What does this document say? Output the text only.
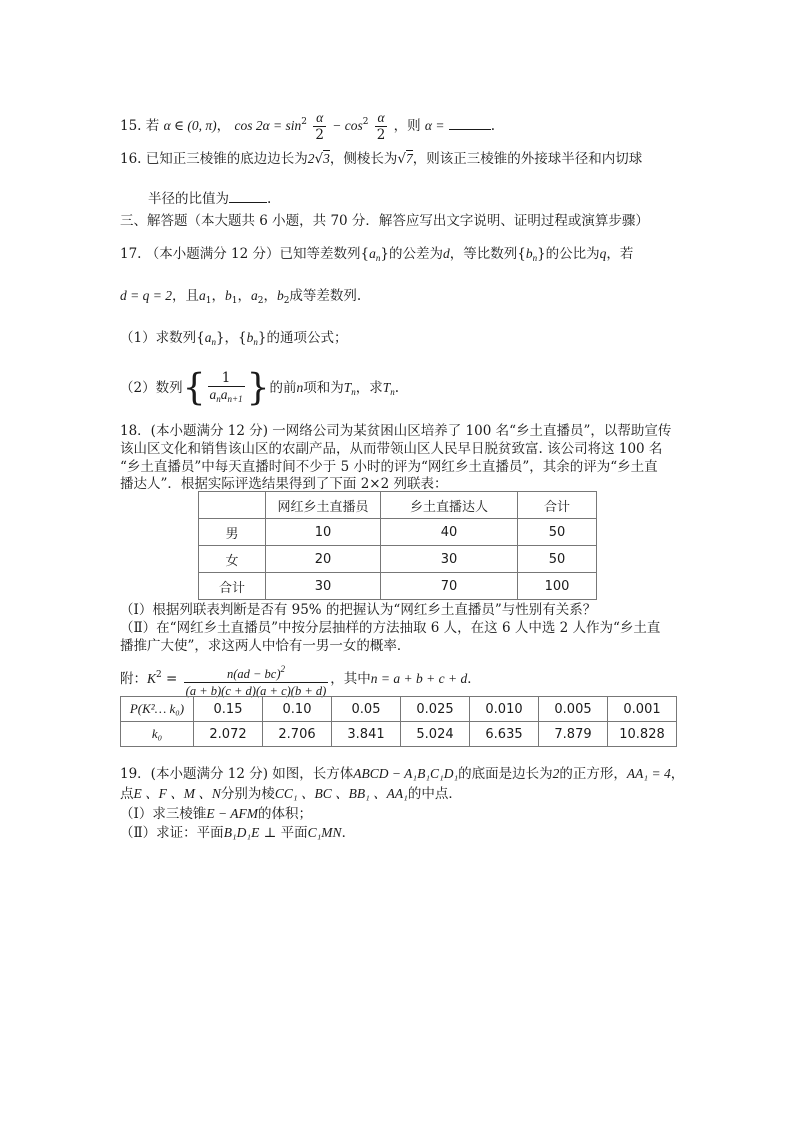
15. 若 α ∈ (0, π)， $\cos 2\alpha = \sin^2 \frac{\alpha}{2} - \cos^2 \frac{\alpha}{2}$ ，则 α =	.
16. 已知正三棱锥的底边边长为2√3，侧棱长为√7，则该正三棱锥的外接球半径和内切球
半径的比值为	.
三、解答题（本大题共 6 小题，共 70 分．解答应写出文字说明、证明过程或演算步骤）
17. （本小题满分 12 分）已知等差数列$\{a_n\}$的公差为d，等比数列$\{b_n\}$的公比为q，若
d = q = 2，且$a_1$，$b_1$，$a_2$，$b_2$成等差数列.
（1）求数列$\{a_n\}$，$\{b_n\}$的通项公式；
（2）数列{ $\frac{1}{a_na_{n+1}}$ }的前n项和为$T_n$，求$T_n$.
18．(本小题满分 12 分) 一网络公司为某贫困山区培养了 100 名“乡土直播员”，以帮助宣传
该山区文化和销售该山区的农副产品，从而带领山区人民早日脱贫致富. 该公司将这 100 名
“乡土直播员”中每天直播时间不少于 5 小时的评为“网红乡土直播员”，其余的评为“乡土直
播达人”．根据实际评选结果得到了下面 2×2 列联表：
	网红乡土直播员	乡土直播达人	合计
男	10	40	50
女	20	30	50
合计	30	70	100
（Ⅰ）根据列联表判断是否有 95% 的把握认为“网红乡土直播员”与性别有关系？
（Ⅱ）在“网红乡土直播员”中按分层抽样的方法抽取 6 人，在这 6 人中选 2 人作为“乡土直
播推广大使”，求这两人中恰有一男一女的概率．
附：$K^2 = \frac{n(ad - bc)^2}{(a + b)(c + d)(a + c)(b + d)}$ ，其中n = a + b + c + d．
P(K²… k₀)	0.15	0.10	0.05	0.025	0.010	0.005	0.001
k₀	2.072	2.706	3.841	5.024	6.635	7.879	10.828
19．(本小题满分 12 分) 如图，长方体ABCD − A₁B₁C₁D₁的底面是边长为2的正方形，AA₁ = 4，
点E 、F 、M 、N分别为棱CC₁ 、BC 、BB₁ 、AA₁的中点．
（Ⅰ）求三棱锥E − AFM的体积；
（Ⅱ）求证：平面B₁D₁E ⊥ 平面C₁MN．
